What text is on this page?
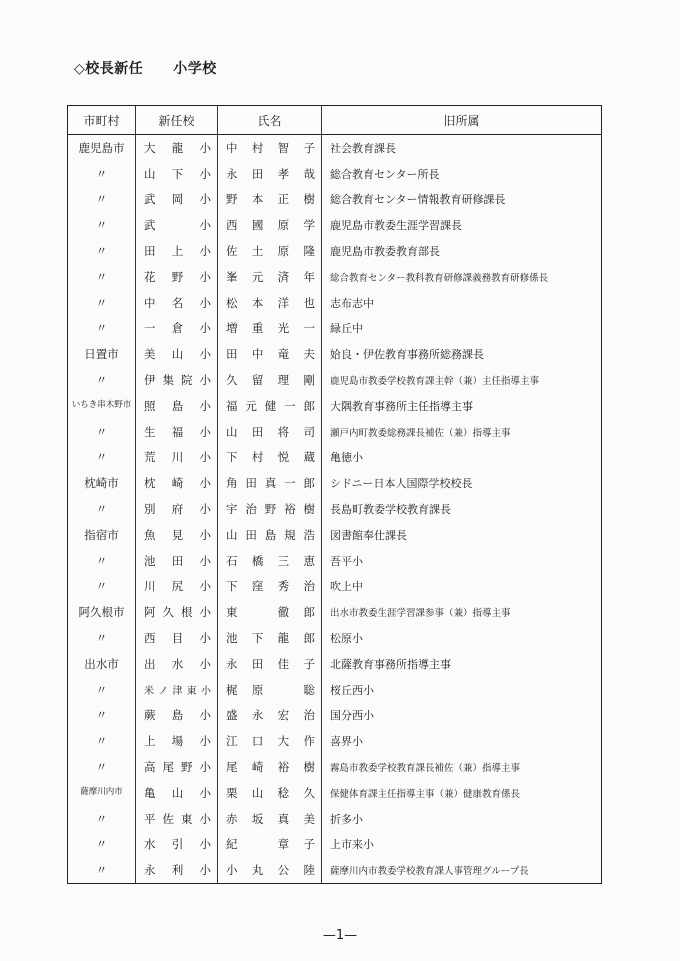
◇校長新任 小学校
市町村	新任校	氏名	旧所属
鹿児島市	大龍小	中村智子	社会教育課長
〃	山下小	永田孝哉	総合教育センター所長
〃	武岡小	野本正樹	総合教育センター情報教育研修課長
〃	武　小	西國原学	鹿児島市教委生涯学習課長
〃	田上小	佐土原隆	鹿児島市教委教育部長
〃	花野小	峯元済年	総合教育センター教科教育研修課義務教育研修係長
〃	中名小	松本洋也	志布志中
〃	一倉小	増重光一	緑丘中
日置市	美山小	田中竜夫	姶良・伊佐教育事務所総務課長
〃	伊集院小	久留理剛	鹿児島市教委学校教育課主幹（兼）主任指導主事
いちき串木野市	照島小	福元健一郎	大隅教育事務所主任指導主事
〃	生福小	山田将司	瀬戸内町教委総務課長補佐（兼）指導主事
〃	荒川小	下村悦蔵	亀徳小
枕崎市	枕崎小	角田真一郎	シドニー日本人国際学校校長
〃	別府小	宇治野裕樹	長島町教委学校教育課長
指宿市	魚見小	山田島規浩	図書館奉仕課長
〃	池田小	石橋三恵	吾平小
〃	川尻小	下窪秀治	吹上中
阿久根市	阿久根小	東　徹郎	出水市教委生涯学習課参事（兼）指導主事
〃	西目小	池下龍郎	松原小
出水市	出水小	永田佳子	北薩教育事務所指導主事
〃	米ノ津東小	梶原　聡	桜丘西小
〃	蕨島小	盛永宏治	国分西小
〃	上場小	江口大作	喜界小
〃	高尾野小	尾崎裕樹	霧島市教委学校教育課長補佐（兼）指導主事
薩摩川内市	亀山小	栗山稔久	保健体育課主任指導主事（兼）健康教育係長
〃	平佐東小	赤坂真美	折多小
〃	水引小	紀　章子	上市来小
〃	永利小	小丸公陸	薩摩川内市教委学校教育課人事管理グループ長
—1—
